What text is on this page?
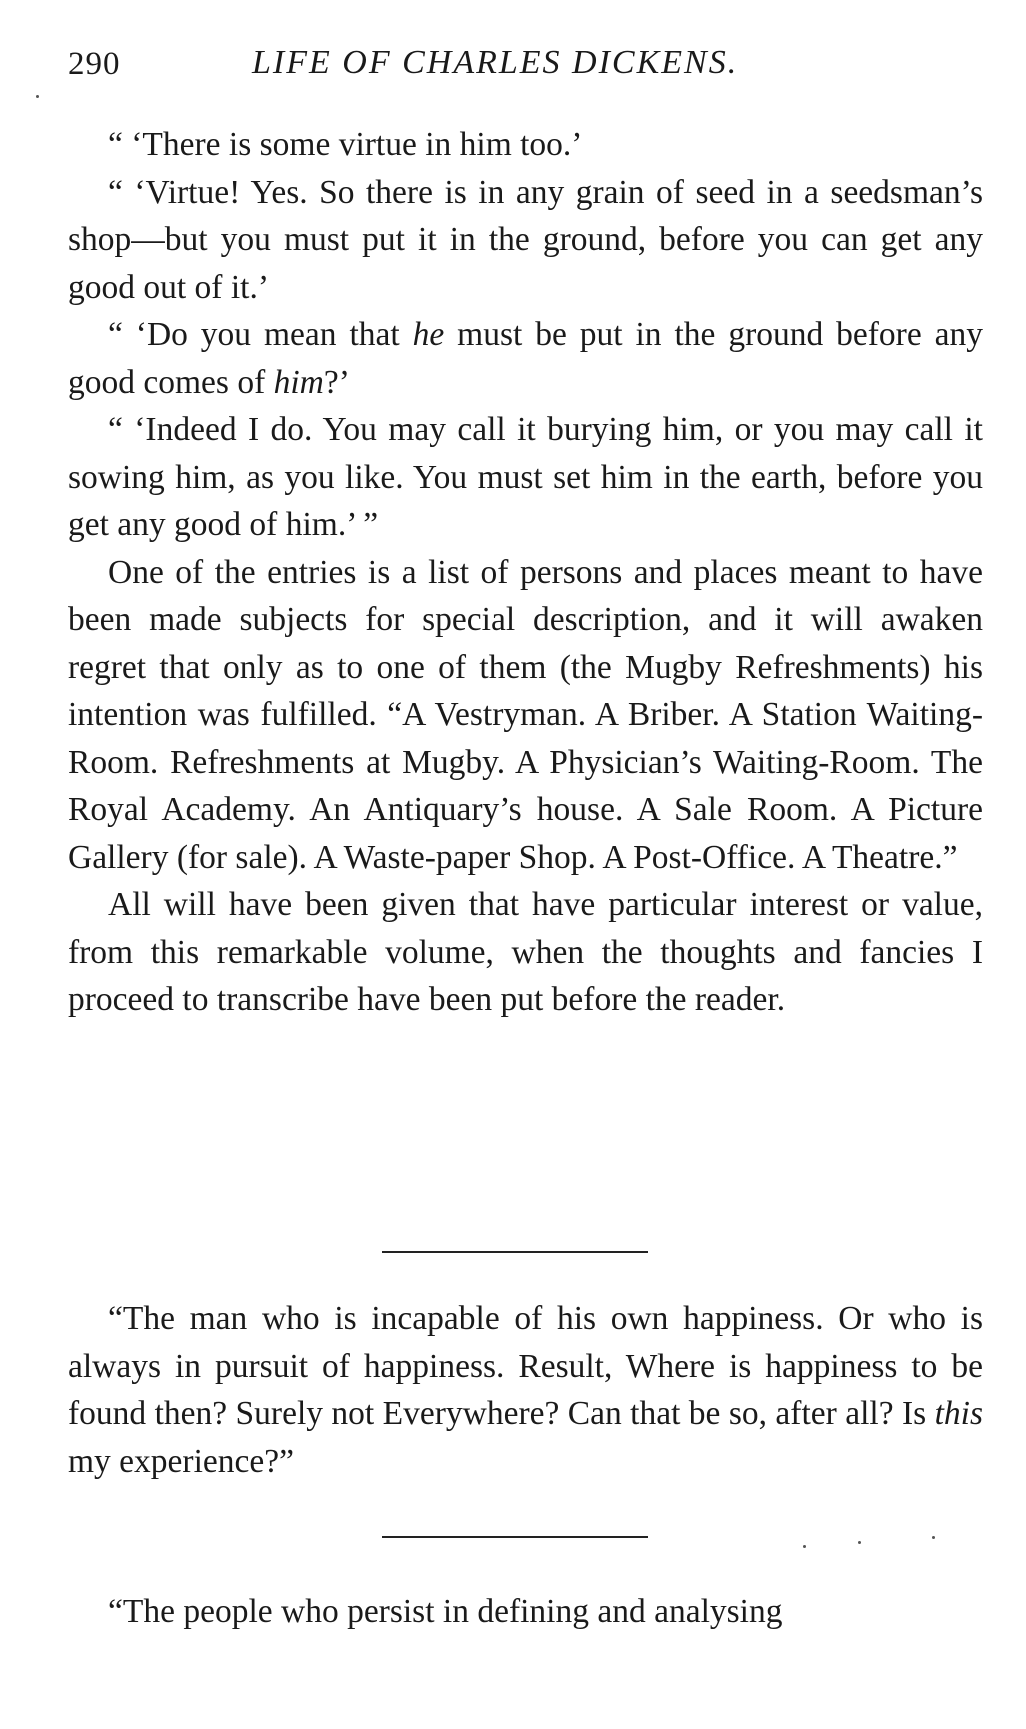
290	LIFE OF CHARLES DICKENS.

“ ‘There is some virtue in him too.’

“ ‘Virtue! Yes. So there is in any grain of seed in a seedsman’s shop—but you must put it in the ground, before you can get any good out of it.’

“ ‘Do you mean that he must be put in the ground before any good comes of him?’

“ ‘Indeed I do. You may call it burying him, or you may call it sowing him, as you like. You must set him in the earth, before you get any good of him.’ ”

One of the entries is a list of persons and places meant to have been made subjects for special description, and it will awaken regret that only as to one of them (the Mugby Refreshments) his intention was fulfilled. “A Vestryman. A Briber. A Station Waiting-Room. Refreshments at Mugby. A Physician’s Waiting-Room. The Royal Academy. An Antiquary’s house. A Sale Room. A Picture Gallery (for sale). A Waste-paper Shop. A Post-Office. A Theatre.”

All will have been given that have particular interest or value, from this remarkable volume, when the thoughts and fancies I proceed to transcribe have been put before the reader.

“The man who is incapable of his own happiness. Or who is always in pursuit of happiness. Result, Where is happiness to be found then? Surely not Everywhere? Can that be so, after all? Is this my experience?”

“The people who persist in defining and analysing
